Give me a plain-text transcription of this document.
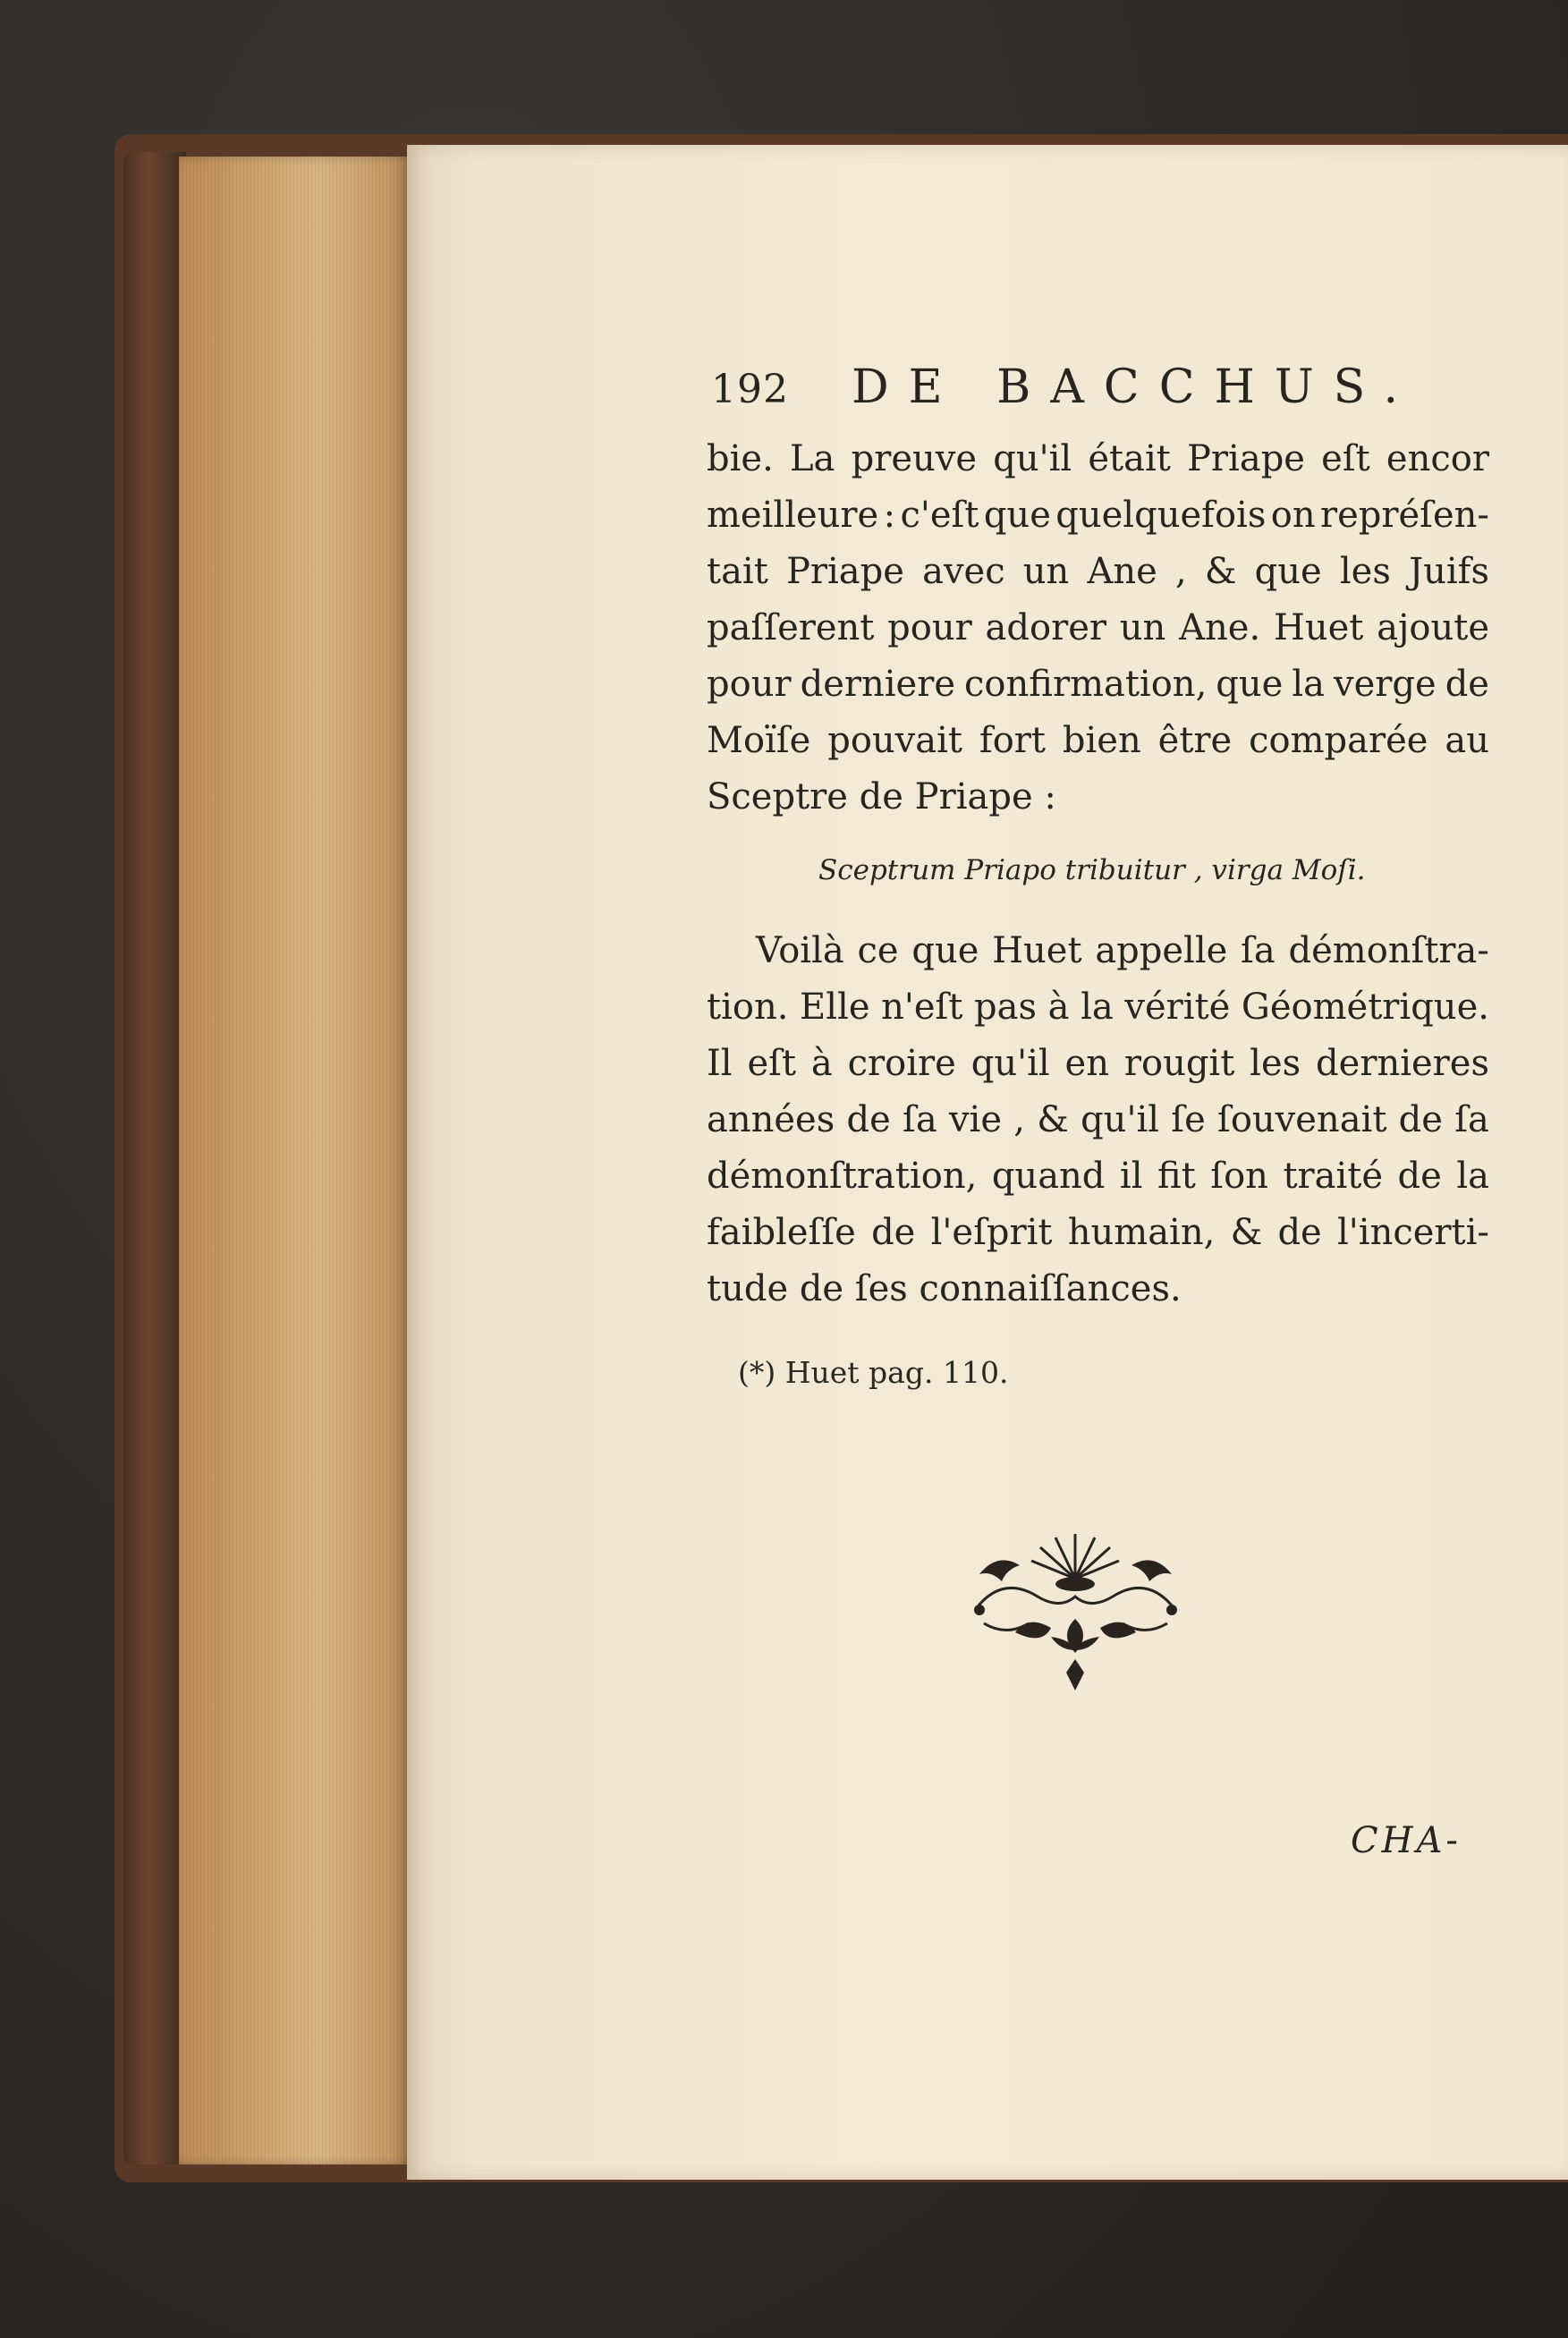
192 DE BACCHUS.
bie. La preuve qu'il était Priape eſt encor
meilleure : c'eſt que quelquefois on repréſen-
tait Priape avec un Ane , & que les Juifs
paſſerent pour adorer un Ane. Huet ajoute
pour derniere confirmation, que la verge de
Moïſe pouvait fort bien être comparée au
Sceptre de Priape :
Sceptrum Priapo tribuitur , virga Moſi.
Voilà ce que Huet appelle ſa démonſtra-
tion. Elle n'eſt pas à la vérité Géométrique.
Il eſt à croire qu'il en rougit les dernieres
années de ſa vie , & qu'il ſe ſouvenait de ſa
démonſtration, quand il fit ſon traité de la
faibleſſe de l'eſprit humain, & de l'incerti-
tude de ſes connaiſſances.
(*) Huet pag. 110.
CHA-
